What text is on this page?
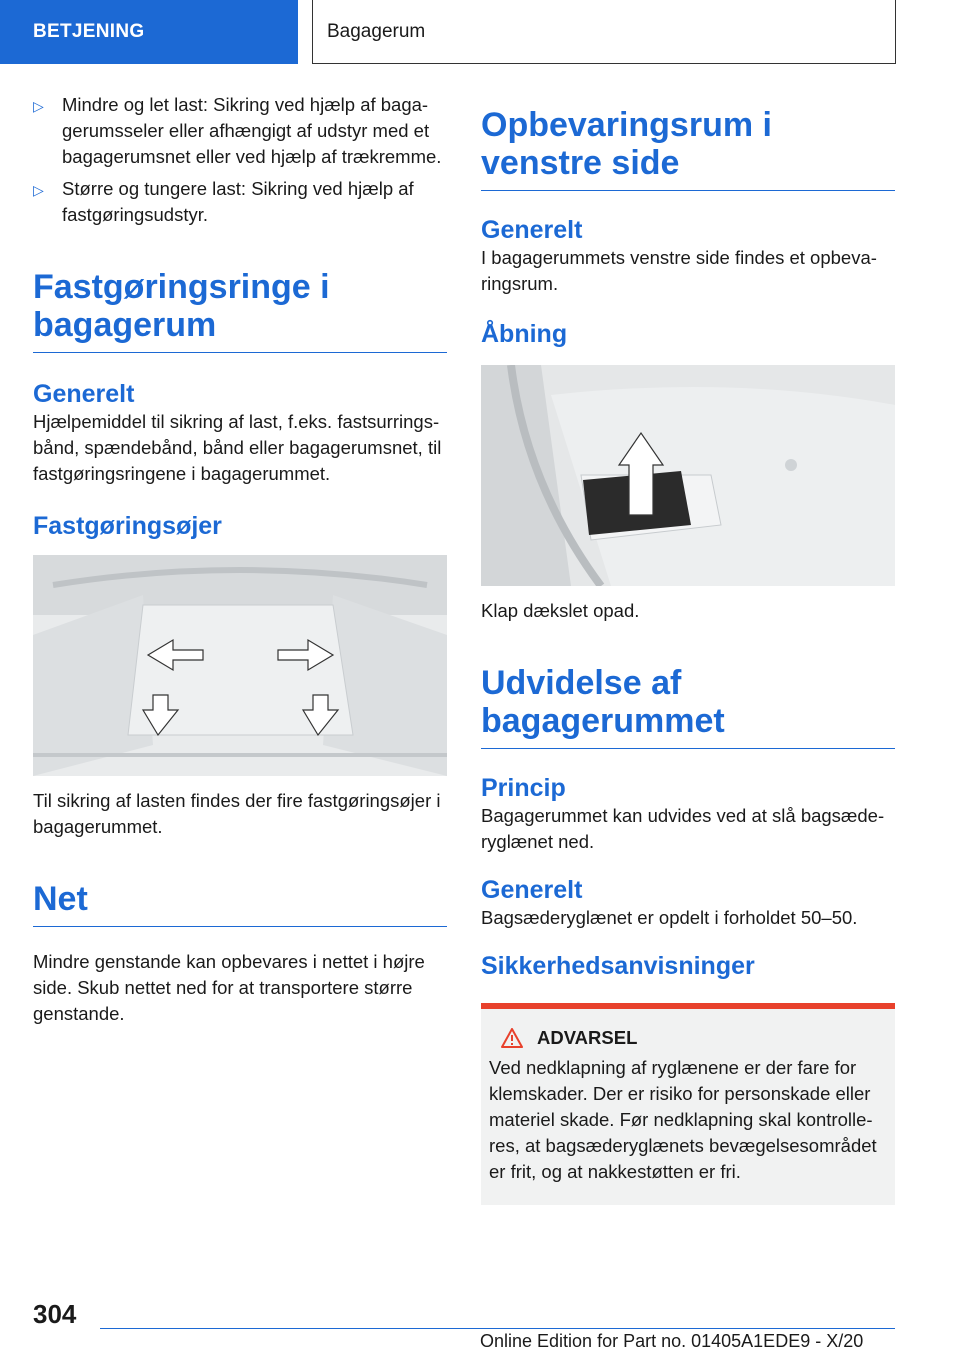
BETJENING	Bagagerum
▷ Mindre og let last: Sikring ved hjælp af bagagerumsseler eller afhængigt af udstyr med et bagagerumsnet eller ved hjælp af trækremme.
▷ Større og tungere last: Sikring ved hjælp af fastgøringsudstyr.
Fastgøringsringe i bagagerum
Generelt

Hjælpemiddel til sikring af last, f.eks. fastsurringsbånd, spændebånd, bånd eller bagagerumsnet, til fastgøringsringene i bagagerummet.

Fastgøringsøjer

Til sikring af lasten findes der fire fastgøringsøjer i bagagerummet.

Net

Mindre genstande kan opbevares i nettet i højre side. Skub nettet ned for at transportere større genstande.

Opbevaringsrum i venstre side
Generelt

I bagagerummets venstre side findes et opbevaringsrum.

Åbning

Klap dækslet opad.

Udvidelse af bagagerummet
Princip

Bagagerummet kan udvides ved at slå bagsæderyglænet ned.

Generelt

Bagsæderyglænet er opdelt i forholdet 50–50.

Sikkerhedsanvisninger
ADVARSEL

Ved nedklapning af ryglænene er der fare for klemskader. Der er risiko for personskade eller materiel skade. Før nedklapning skal kontrolleres, at bagsæderyglænets bevægelsesområdet er frit, og at nakkestøtten er fri.

304
Online Edition for Part no. 01405A1EDE9 - X/20
